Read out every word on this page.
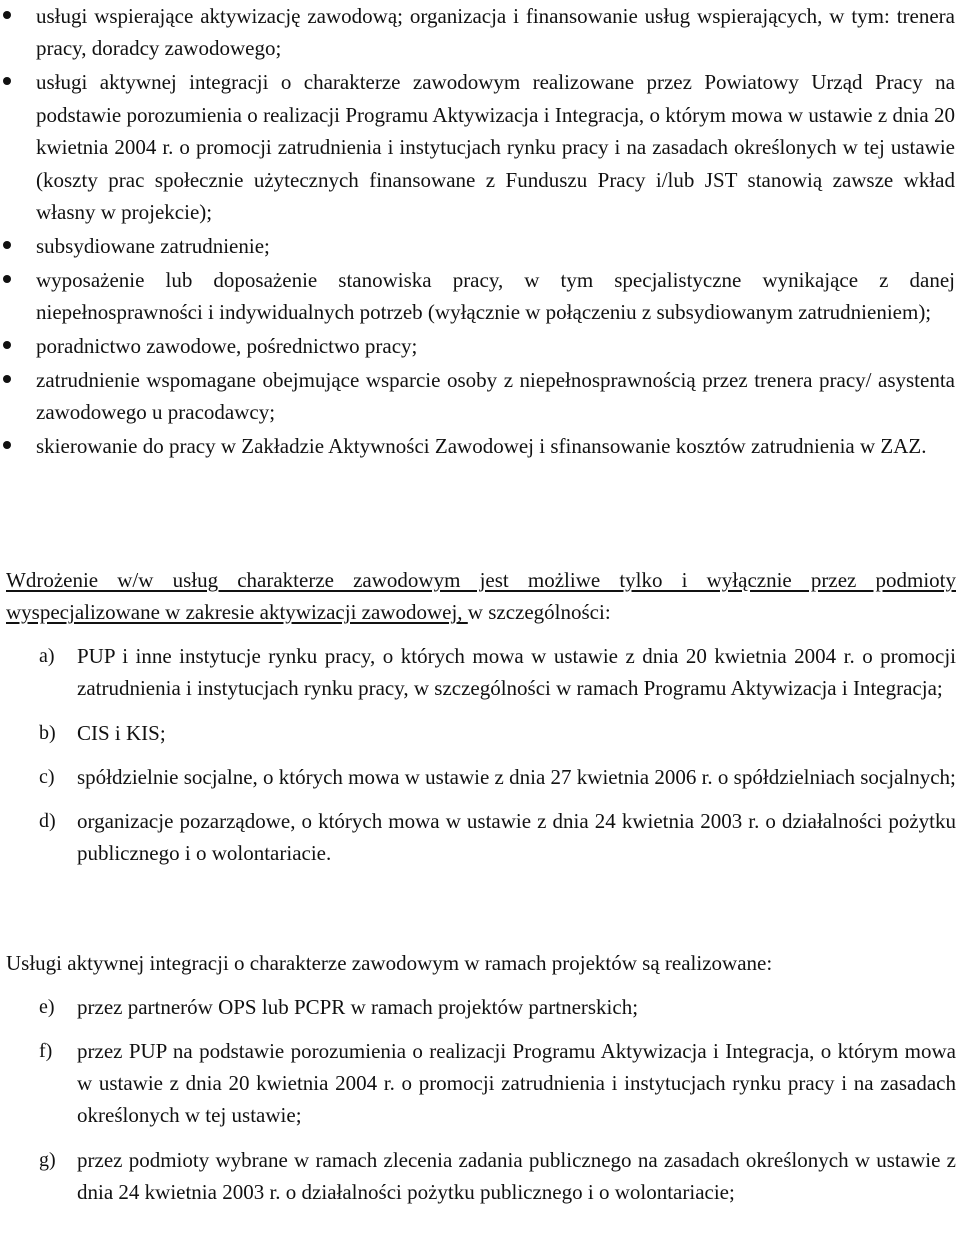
usługi wspierające aktywizację zawodową; organizacja i finansowanie usług wspierających, w tym: trenera pracy, doradcy zawodowego;
usługi aktywnej integracji o charakterze zawodowym realizowane przez Powiatowy Urząd Pracy na podstawie porozumienia o realizacji Programu Aktywizacja i Integracja, o którym mowa w ustawie z dnia 20 kwietnia 2004 r. o promocji zatrudnienia i instytucjach rynku pracy i na zasadach określonych w tej ustawie (koszty prac społecznie użytecznych finansowane z Funduszu Pracy i/lub JST stanowią zawsze wkład własny w projekcie);
subsydiowane zatrudnienie;
wyposażenie lub doposażenie stanowiska pracy, w tym specjalistyczne wynikające z danej niepełnosprawności i indywidualnych potrzeb (wyłącznie w połączeniu z subsydiowanym zatrudnieniem);
poradnictwo zawodowe, pośrednictwo pracy;
zatrudnienie wspomagane obejmujące wsparcie osoby z niepełnosprawnością przez trenera pracy/ asystenta zawodowego u pracodawcy;
skierowanie do pracy w Zakładzie Aktywności Zawodowej i sfinansowanie kosztów zatrudnienia w ZAZ.

Wdrożenie w/w usług charakterze zawodowym jest możliwe tylko i wyłącznie przez podmioty wyspecjalizowane w zakresie aktywizacji zawodowej, w szczególności:

a) PUP i inne instytucje rynku pracy, o których mowa w ustawie z dnia 20 kwietnia 2004 r. o promocji zatrudnienia i instytucjach rynku pracy, w szczególności w ramach Programu Aktywizacja i Integracja;
b) CIS i KIS;
c) spółdzielnie socjalne, o których mowa w ustawie z dnia 27 kwietnia 2006 r. o spółdzielniach socjalnych;
d) organizacje pozarządowe, o których mowa w ustawie z dnia 24 kwietnia 2003 r. o działalności pożytku publicznego i o wolontariacie.

Usługi aktywnej integracji o charakterze zawodowym w ramach projektów są realizowane:

e) przez partnerów OPS lub PCPR w ramach projektów partnerskich;
f) przez PUP na podstawie porozumienia o realizacji Programu Aktywizacja i Integracja, o którym mowa w ustawie z dnia 20 kwietnia 2004 r. o promocji zatrudnienia i instytucjach rynku pracy i na zasadach określonych w tej ustawie;
g) przez podmioty wybrane w ramach zlecenia zadania publicznego na zasadach określonych w ustawie z dnia 24 kwietnia 2003 r. o działalności pożytku publicznego i o wolontariacie;
